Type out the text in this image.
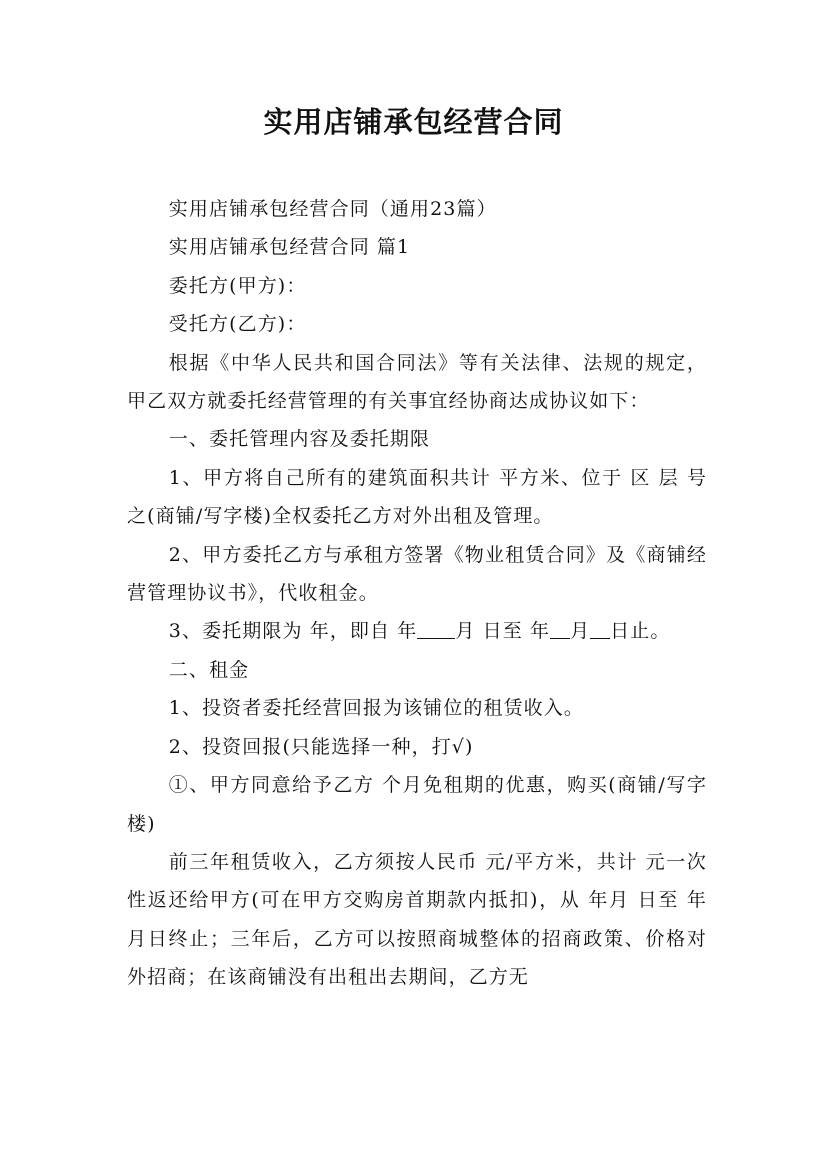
实用店铺承包经营合同

实用店铺承包经营合同（通用23篇）

实用店铺承包经营合同 篇1

委托方(甲方)：

受托方(乙方)：

根据《中华人民共和国合同法》等有关法律、法规的规定，甲乙双方就委托经营管理的有关事宜经协商达成协议如下：

一、委托管理内容及委托期限

1、甲方将自己所有的建筑面积共计 平方米、位于 区 层 号之(商铺/写字楼)全权委托乙方对外出租及管理。

2、甲方委托乙方与承租方签署《物业租赁合同》及《商铺经营管理协议书》，代收租金。

3、委托期限为 年，即自 年 月 日至 年 月 日止。

二、租金

1、投资者委托经营回报为该铺位的租赁收入。

2、投资回报(只能选择一种，打√)

①、甲方同意给予乙方 个月免租期的优惠，购买(商铺/写字楼)

前三年租赁收入，乙方须按人民币 元/平方米，共计 元一次性返还给甲方(可在甲方交购房首期款内抵扣)，从 年月 日至 年 月日终止；三年后，乙方可以按照商城整体的招商政策、价格对外招商；在该商铺没有出租出去期间，乙方无
